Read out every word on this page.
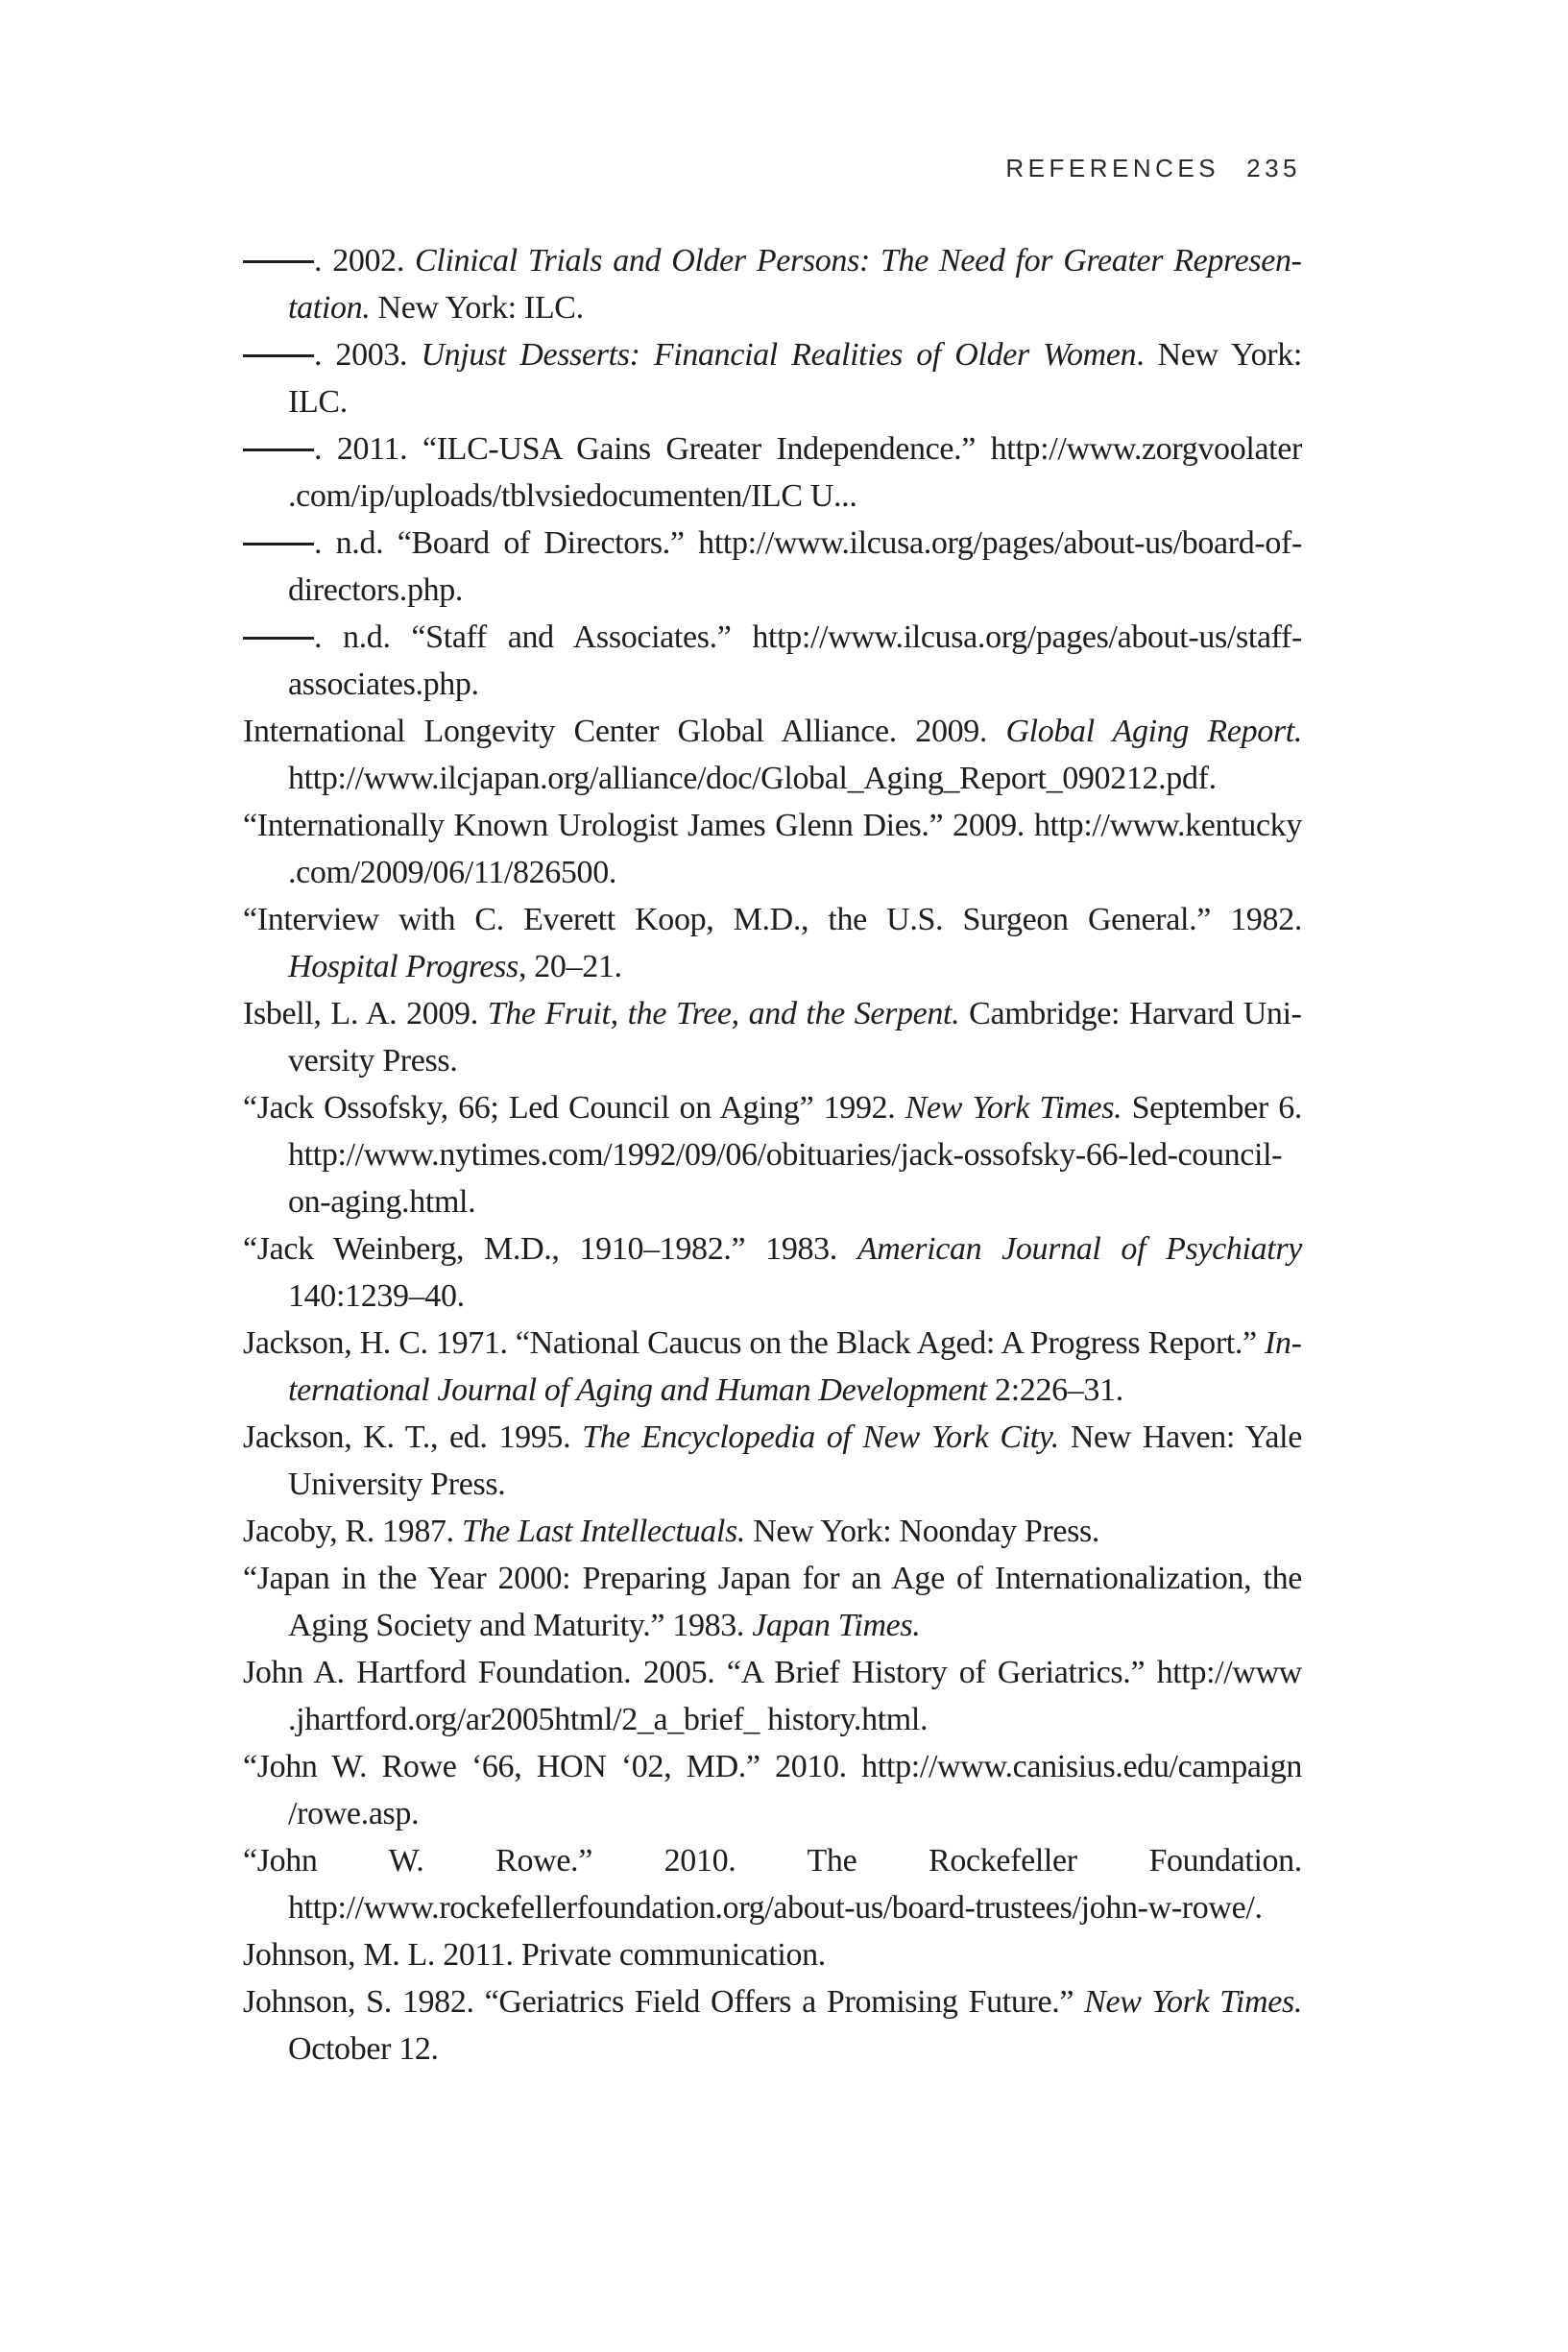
REFERENCES 235

. 2002. Clinical Trials and Older Persons: The Need for Greater Representation. New York: ILC.

. 2003. Unjust Desserts: Financial Realities of Older Women. New York: ILC.

. 2011. “ILC-USA Gains Greater Independence.” http://www.zorgvoolater​.com/ip/uploads/tblvsiedocumenten/ILC U...

. n.d. “Board of Directors.” http://www.ilcusa.org/pages/about-us/board-of​-directors.php.

. n.d. “Staff and Associates.” http://www.ilcusa.org/pages/about-us/staff-​associates.php.

International Longevity Center Global Alliance. 2009. Global Aging Report. http://www.ilcjapan.org/alliance/doc/Global_Aging_Report_090212.pdf.

“Internationally Known Urologist James Glenn Dies.” 2009. http://www.kentucky​.com/2009/06/11/826500.

“Interview with C. Everett Koop, M.D., the U.S. Surgeon General.” 1982. Hospital Progress, 20–21.

Isbell, L. A. 2009. The Fruit, the Tree, and the Serpent. Cambridge: Harvard University Press.

“Jack Ossofsky, 66; Led Council on Aging” 1992. New York Times. September 6. http://www.nytimes.com/1992/09/06/obituaries/jack-ossofsky-66-led-council​-on-aging.html.

“Jack Weinberg, M.D., 1910–1982.” 1983. American Journal of Psychiatry 140:1239–40.

Jackson, H. C. 1971. “National Caucus on the Black Aged: A Progress Report.” International Journal of Aging and Human Development 2:226–31.

Jackson, K. T., ed. 1995. The Encyclopedia of New York City. New Haven: Yale University Press.

Jacoby, R. 1987. The Last Intellectuals. New York: Noonday Press.

“Japan in the Year 2000: Preparing Japan for an Age of Internationalization, the Aging Society and Maturity.” 1983. Japan Times.

John A. Hartford Foundation. 2005. “A Brief History of Geriatrics.” http://www​.jhartford.org/ar2005html/2_a_brief_ history.html.

“John W. Rowe ‘66, HON ‘02, MD.” 2010. http://www.canisius.edu/campaign​/rowe.asp.

“John W. Rowe.” 2010. The Rockefeller Foundation. http://www.rockefellerfounda​tion.org/about-us/board-trustees/john-w-rowe/.

Johnson, M. L. 2011. Private communication.

Johnson, S. 1982. “Geriatrics Field Offers a Promising Future.” New York Times. October 12.
